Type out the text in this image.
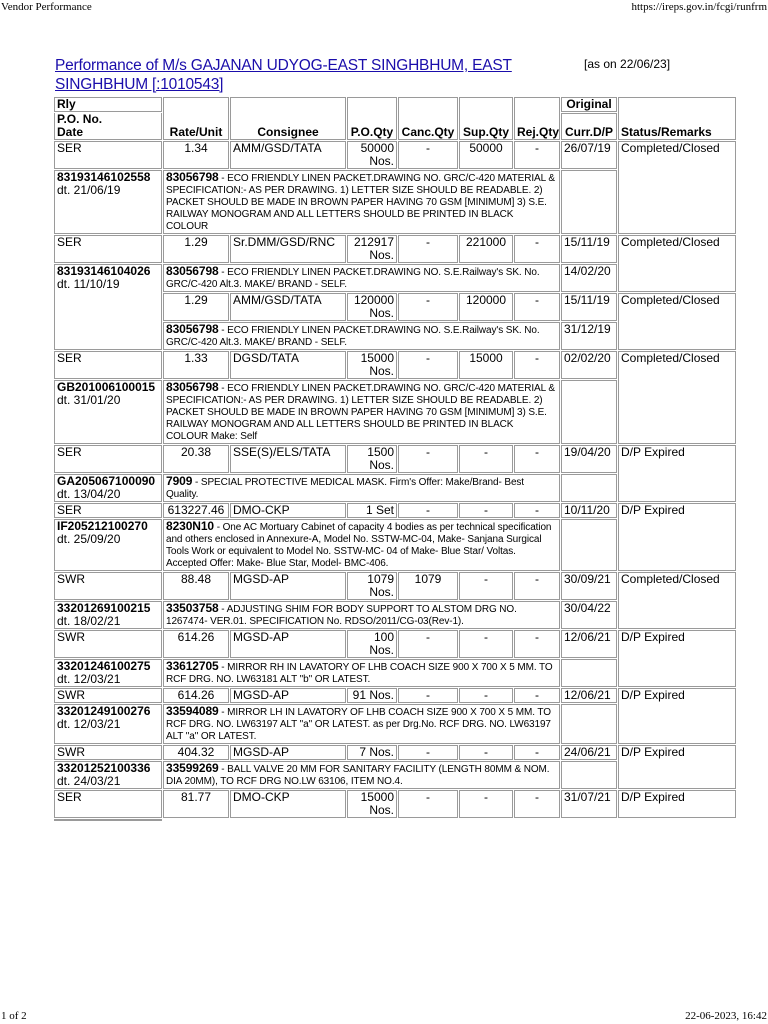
Vendor Performance	https://ireps.gov.in/fcgi/runfrm
Performance of M/s GAJANAN UDYOG-EAST SINGHBHUM, EAST SINGHBHUM [:1010543]
[as on 22/06/23]
Rly	Rate/Unit	Consignee	P.O.Qty	Canc.Qty	Sup.Qty	Rej.Qty	Original	Status/Remarks

P.O. No.
Date							Curr.D/P	
SER	1.34	AMM/GSD/TATA	50000 Nos.	-	50000	-	26/07/19	Completed/Closed

83193146102558
dt. 21/06/19	83056798 - ECO FRIENDLY LINEN PACKET.DRAWING NO. GRC/C-420 MATERIAL & SPECIFICATION:- AS PER DRAWING. 1) LETTER SIZE SHOULD BE READABLE. 2) PACKET SHOULD BE MADE IN BROWN PAPER HAVING 70 GSM [MINIMUM] 3) S.E. RAILWAY MONOGRAM AND ALL LETTERS SHOULD BE PRINTED IN BLACK COLOUR							
SER	1.29	Sr.DMM/GSD/RNC	212917 Nos.	-	221000	-	15/11/19	Completed/Closed

83193146104026
dt. 11/10/19	83056798 - ECO FRIENDLY LINEN PACKET.DRAWING NO. S.E.Railway's SK. No. GRC/C-420 Alt.3. MAKE/ BRAND - SELF.						14/02/20	
	1.29	AMM/GSD/TATA	120000 Nos.	-	120000	-	15/11/19	Completed/Closed
	83056798 - ECO FRIENDLY LINEN PACKET.DRAWING NO. S.E.Railway's SK. No. GRC/C-420 Alt.3. MAKE/ BRAND - SELF.						31/12/19	
SER	1.33	DGSD/TATA	15000 Nos.	-	15000	-	02/02/20	Completed/Closed

GB201006100015
dt. 31/01/20	83056798 - ECO FRIENDLY LINEN PACKET.DRAWING NO. GRC/C-420 MATERIAL & SPECIFICATION:- AS PER DRAWING. 1) LETTER SIZE SHOULD BE READABLE. 2) PACKET SHOULD BE MADE IN BROWN PAPER HAVING 70 GSM [MINIMUM] 3) S.E. RAILWAY MONOGRAM AND ALL LETTERS SHOULD BE PRINTED IN BLACK COLOUR Make: Self							
SER	20.38	SSE(S)/ELS/TATA	1500 Nos.	-	-	-	19/04/20	D/P Expired

GA205067100090
dt. 13/04/20	7909 - SPECIAL PROTECTIVE MEDICAL MASK. Firm's Offer: Make/Brand- Best Quality.							
SER	613227.46	DMO-CKP	1 Set	-	-	-	10/11/20	D/P Expired

IF205212100270
dt. 25/09/20	8230N10 - One AC Mortuary Cabinet of capacity 4 bodies as per technical specification and others enclosed in Annexure-A, Model No. SSTW-MC-04, Make- Sanjana Surgical Tools Work or equivalent to Model No. SSTW-MC- 04 of Make- Blue Star/ Voltas. Accepted Offer: Make- Blue Star, Model- BMC-406.							
SWR	88.48	MGSD-AP	1079 Nos.	1079	-	-	30/09/21	Completed/Closed

33201269100215
dt. 18/02/21	33503758 - ADJUSTING SHIM FOR BODY SUPPORT TO ALSTOM DRG NO. 1267474- VER.01. SPECIFICATION No. RDSO/2011/CG-03(Rev-1).						30/04/22	
SWR	614.26	MGSD-AP	100 Nos.	-	-	-	12/06/21	D/P Expired

33201246100275
dt. 12/03/21	33612705 - MIRROR RH IN LAVATORY OF LHB COACH SIZE 900 X 700 X 5 MM. TO RCF DRG. NO. LW63181 ALT "b" OR LATEST.							
SWR	614.26	MGSD-AP	91 Nos.	-	-	-	12/06/21	D/P Expired

33201249100276
dt. 12/03/21	33594089 - MIRROR LH IN LAVATORY OF LHB COACH SIZE 900 X 700 X 5 MM. TO RCF DRG. NO. LW63197 ALT "a" OR LATEST. as per Drg.No. RCF DRG. NO. LW63197 ALT "a" OR LATEST.							
SWR	404.32	MGSD-AP	7 Nos.	-	-	-	24/06/21	D/P Expired

33201252100336
dt. 24/03/21	33599269 - BALL VALVE 20 MM FOR SANITARY FACILITY (LENGTH 80MM & NOM. DIA 20MM), TO RCF DRG NO.LW 63106, ITEM NO.4.							
SER	81.77	DMO-CKP	15000 Nos.	-	-	-	31/07/21	D/P Expired

1 of 2	22-06-2023, 16:42
